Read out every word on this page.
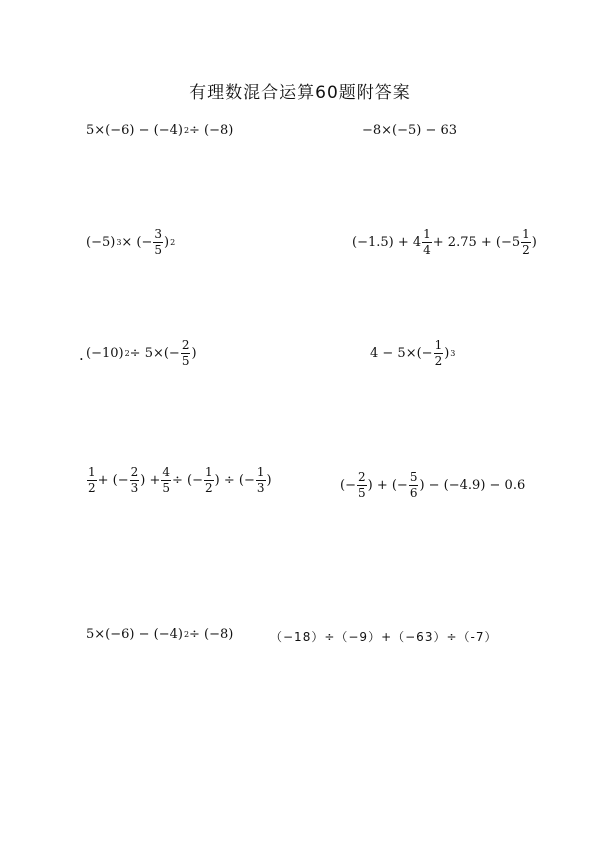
有理数混合运算60题附答案
5×(−6) − (−4) 2 ÷ (−8)	−8×(−5) − 63
(−5) 3 × (− $\frac{3}{5}$ ) 2	$(-1.5) + 4 \frac{1}{4} + 2.75 + (-5 \frac{1}{2}$ )
· (−10) $2 \div 5\times(- \frac{2}{5}$ )	$4 - 5\times(- \frac{1}{2}$ ) 3
$\frac{1}{2}$ + (− $\frac{2}{3}$ ) + $\frac{4}{5}$ ÷ (− $\frac{1}{2}$ ) ÷ (− $\frac{1}{3}$ )	(− $\frac{2}{5}$ ) + (− $\frac{5}{6}$ ) − (−4.9) − 0.6
5×(−6) − (−4) 2 ÷ (−8)	（−18）÷（−9）+（−63）÷（-7）
